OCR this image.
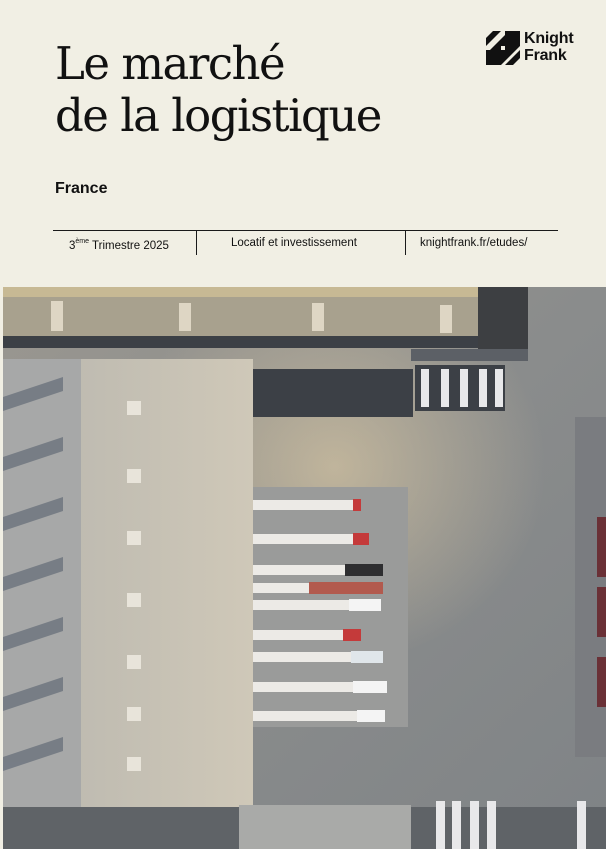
Le marché
de la logistique
Knight
Frank
France
3ème Trimestre 2025	Locatif et investissement	knightfrank.fr/etudes/
